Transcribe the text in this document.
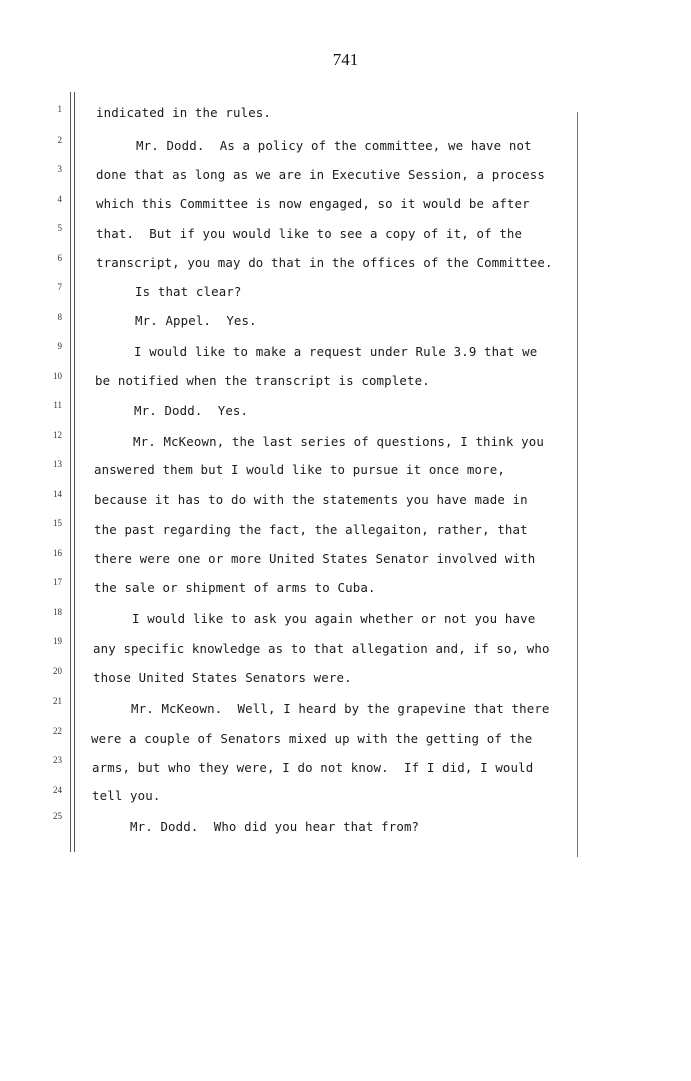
741
1	indicated in the rules.
2	Mr. Dodd.  As a policy of the committee, we have not
3	done that as long as we are in Executive Session, a process
4	which this Committee is now engaged, so it would be after
5	that.  But if you would like to see a copy of it, of the
6	transcript, you may do that in the offices of the Committee.
7	Is that clear?
8	Mr. Appel.  Yes.
9	I would like to make a request under Rule 3.9 that we
10	be notified when the transcript is complete.
11	Mr. Dodd.  Yes.
12	Mr. McKeown, the last series of questions, I think you
13	answered them but I would like to pursue it once more,
14	because it has to do with the statements you have made in
15	the past regarding the fact, the allegaiton, rather, that
16	there were one or more United States Senator involved with
17	the sale or shipment of arms to Cuba.
18	I would like to ask you again whether or not you have
19	any specific knowledge as to that allegation and, if so, who
20	those United States Senators were.
21	Mr. McKeown.  Well, I heard by the grapevine that there
22 were a couple of Senators mixed up with the getting of the
23 arms, but who they were, I do not know.  If I did, I would
24 tell you.
25
Mr. Dodd.  Who did you hear that from?
